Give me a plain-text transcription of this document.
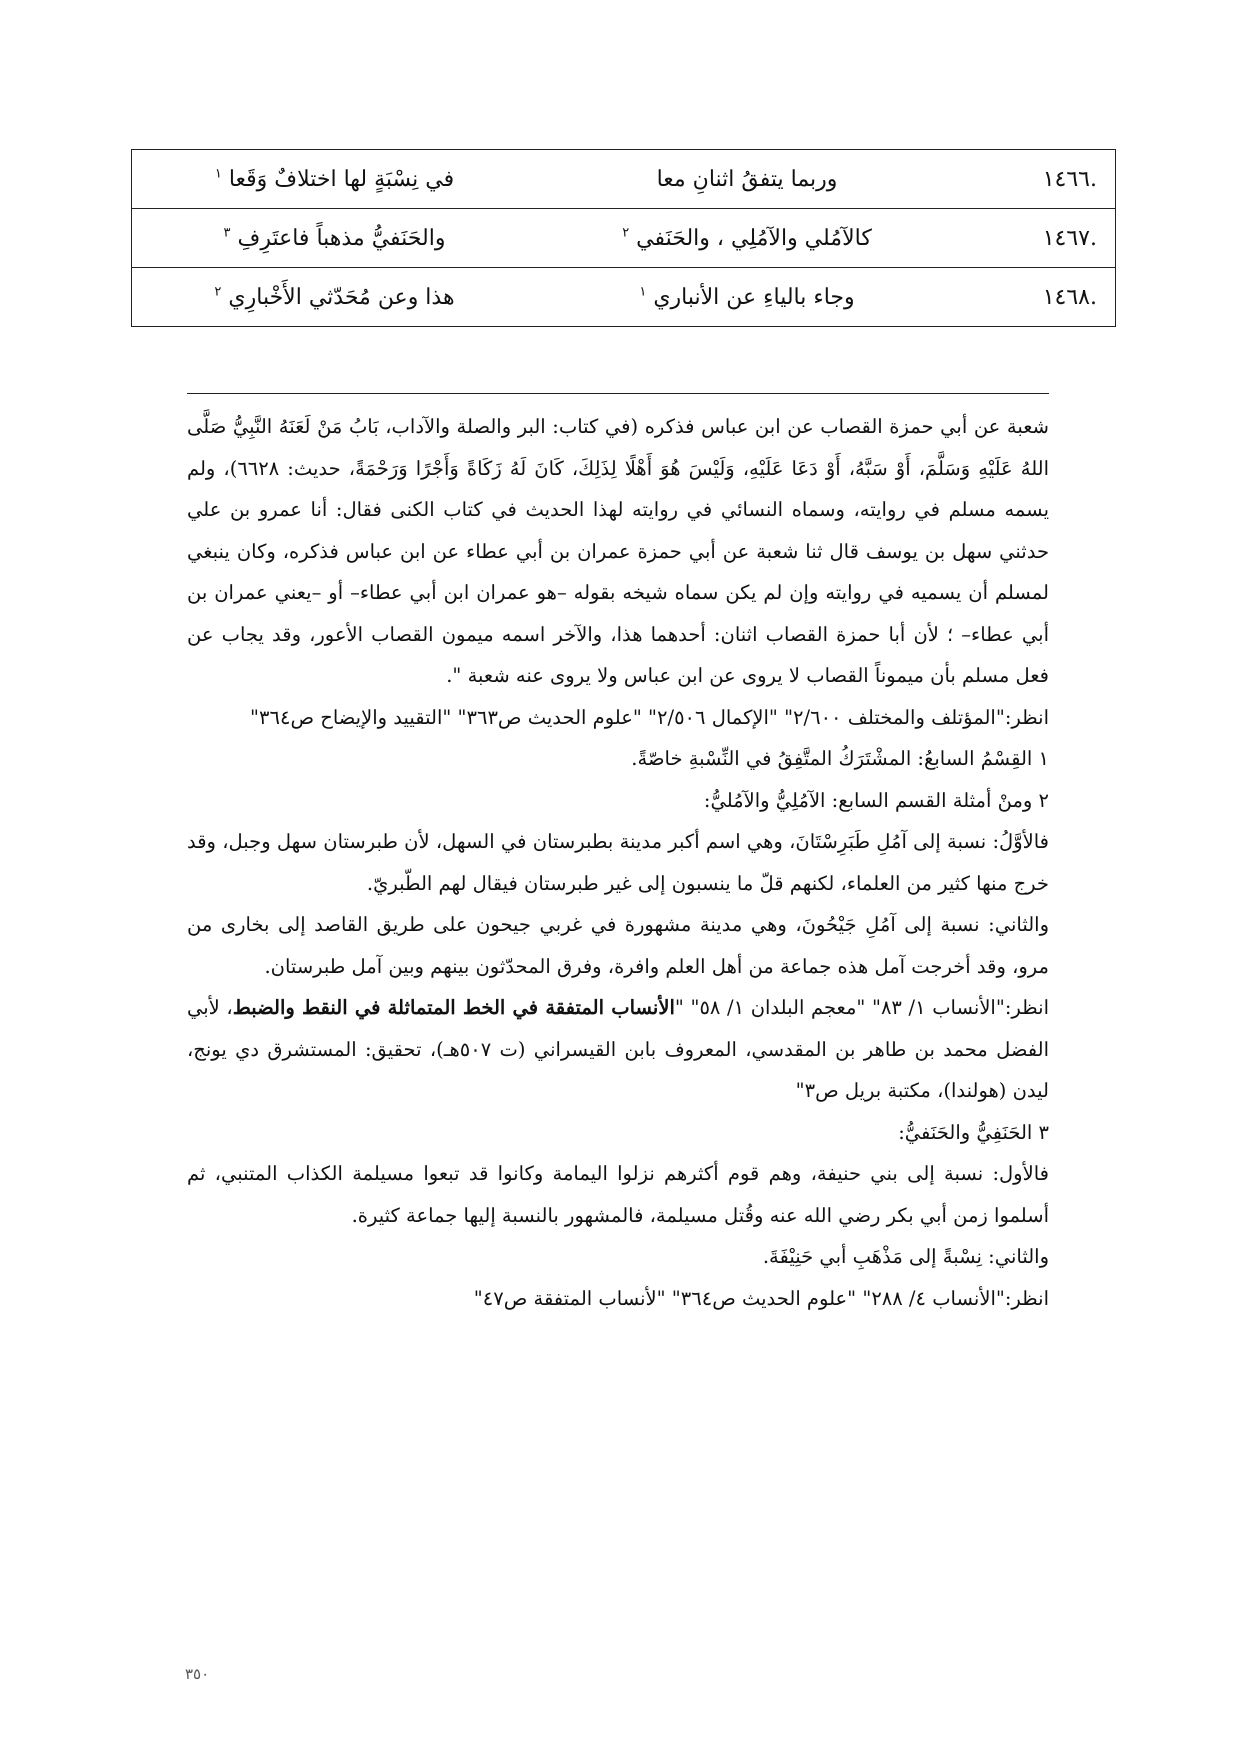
.١٤٦٦	وربما يتفقُ اثنانِ معا	في نِسْبَةٍ لها اختلافٌ وَقَعا $^١$
.١٤٦٧	كالآمُلي والآمُلِي ، والحَنَفي $^٢$	والحَنَفيُّ مذهباً فاعتَرِفِ $^٣$
.١٤٦٨	وجاء بالياءِ عن الأنباري $^١$	هذا وعن مُحَدّثي الأَخْبارِي $^٢$

شعبة عن أبي حمزة القصاب عن ابن عباس فذكره (في كتاب: البر والصلة والآداب، بَابُ مَنْ لَعَنَهُ النَّبِيُّ صَلَّى اللهُ عَلَيْهِ وَسَلَّمَ، أَوْ سَبَّهُ، أَوْ دَعَا عَلَيْهِ، وَلَيْسَ هُوَ أَهْلًا لِذَلِكَ، كَانَ لَهُ زَكَاةً وَأَجْرًا وَرَحْمَةً، حديث: ٦٦٢٨)، ولم يسمه مسلم في روايته، وسماه النسائي في روايته لهذا الحديث في كتاب الكنى فقال: أنا عمرو بن علي حدثني سهل بن يوسف قال ثنا شعبة عن أبي حمزة عمران بن أبي عطاء عن ابن عباس فذكره، وكان ينبغي لمسلم أن يسميه في روايته وإن لم يكن سماه شيخه بقوله –هو عمران ابن أبي عطاء– أو –يعني عمران بن أبي عطاء– ؛ لأن أبا حمزة القصاب اثنان: أحدهما هذا، والآخر اسمه ميمون القصاب الأعور، وقد يجاب عن فعل مسلم بأن ميموناً القصاب لا يروى عن ابن عباس ولا يروى عنه شعبة ".

انظر:"المؤتلف والمختلف ٢/٦٠٠" "الإكمال ٢/٥٠٦" "علوم الحديث ص٣٦٣" "التقييد والإيضاح ص٣٦٤"

١ القِسْمُ السابعُ: المشْتَرَكُ المتَّفِقُ في النِّسْبةِ خاصّةً.

٢ ومنْ أمثلة القسم السابع: الآمُلِيُّ والآمُليُّ:

فالأوَّلُ: نسبة إلى آمُلِ طَبَرِسْتَانَ، وهي اسم أكبر مدينة بطبرستان في السهل، لأن طبرستان سهل وجبل، وقد خرج منها كثير من العلماء، لكنهم قلّ ما ينسبون إلى غير طبرستان فيقال لهم الطّبريّ.

والثاني: نسبة إلى آمُلِ جَيْحُونَ، وهي مدينة مشهورة في غربي جيحون على طريق القاصد إلى بخارى من مرو، وقد أخرجت آمل هذه جماعة من أهل العلم وافرة، وفرق المحدّثون بينهم وبين آمل طبرستان.

انظر:"الأنساب ١/ ٨٣" "معجم البلدان ١/ ٥٨" "الأنساب المتفقة في الخط المتماثلة في النقط والضبط، لأبي الفضل محمد بن طاهر بن المقدسي، المعروف بابن القيسراني (ت ٥٠٧هـ)، تحقيق: المستشرق دي يونج، ليدن (هولندا)، مكتبة بريل ص٣"

٣ الحَنَفِيُّ والحَنَفيُّ:

فالأول: نسبة إلى بني حنيفة، وهم قوم أكثرهم نزلوا اليمامة وكانوا قد تبعوا مسيلمة الكذاب المتنبي، ثم أسلموا زمن أبي بكر رضي الله عنه وقُتل مسيلمة، فالمشهور بالنسبة إليها جماعة كثيرة.

والثاني: نِسْبةً إلى مَذْهَبِ أبي حَنِيْفَةَ.

انظر:"الأنساب ٤/ ٢٨٨" "علوم الحديث ص٣٦٤" "لأنساب المتفقة ص٤٧"

٣٥٠
